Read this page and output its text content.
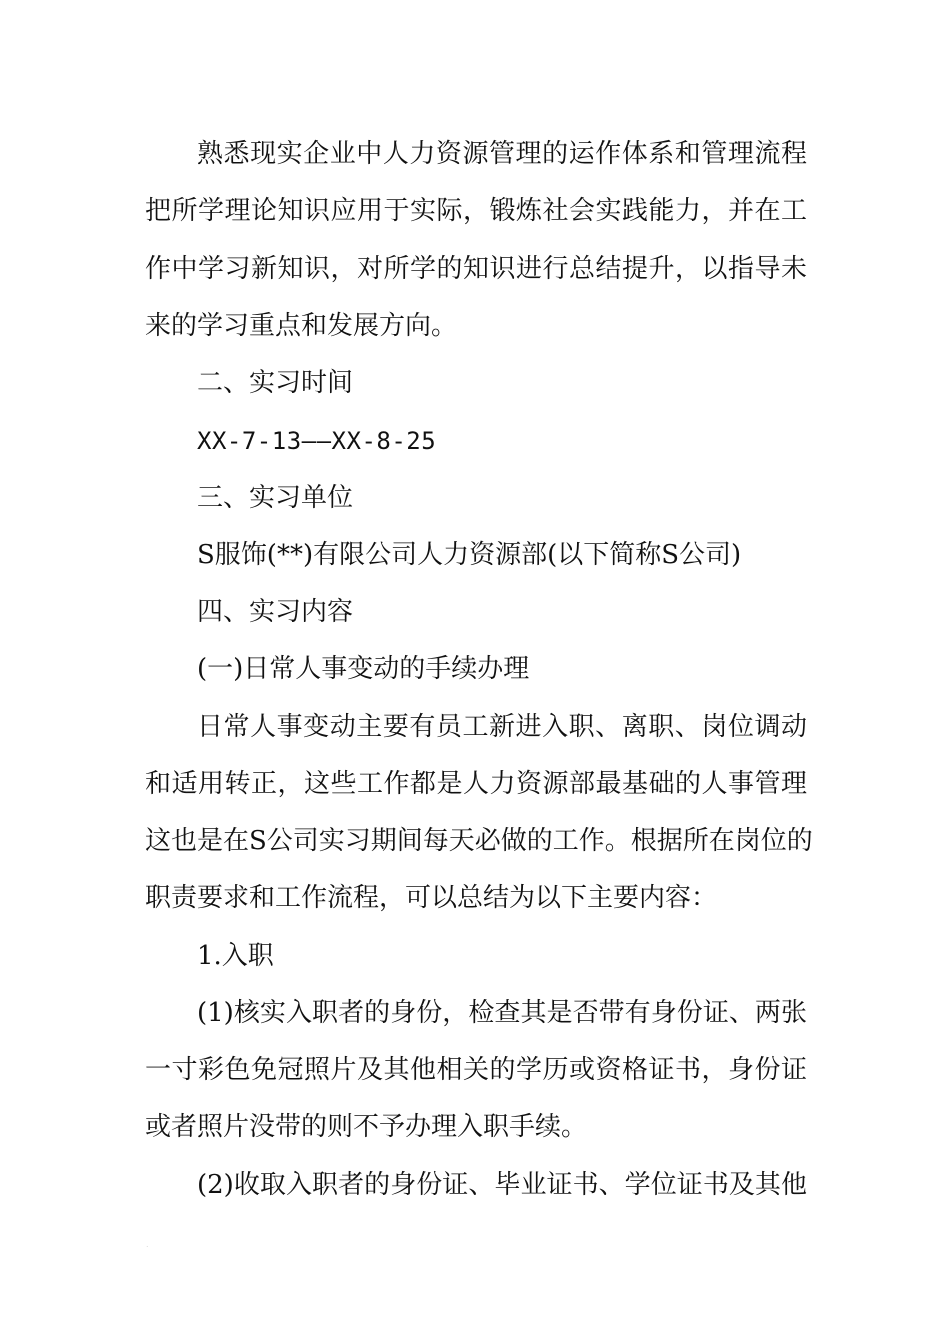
熟悉现实企业中人力资源管理的运作体系和管理流程
把所学理论知识应用于实际，锻炼社会实践能力，并在工
作中学习新知识，对所学的知识进行总结提升，以指导未
来的学习重点和发展方向。
二、实习时间
XX-7-13——XX-8-25
三、实习单位
S服饰(**)有限公司人力资源部(以下简称S公司)
四、实习内容
(一)日常人事变动的手续办理
日常人事变动主要有员工新进入职、离职、岗位调动
和适用转正，这些工作都是人力资源部最基础的人事管理
这也是在S公司实习期间每天必做的工作。根据所在岗位的
职责要求和工作流程，可以总结为以下主要内容：
1.入职
(1)核实入职者的身份，检查其是否带有身份证、两张
一寸彩色免冠照片及其他相关的学历或资格证书，身份证
或者照片没带的则不予办理入职手续。
(2)收取入职者的身份证、毕业证书、学位证书及其他
.
